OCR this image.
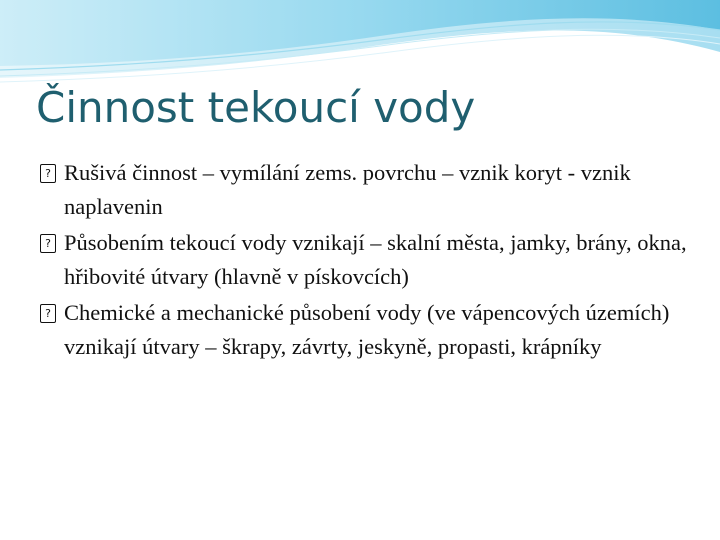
Činnost tekoucí vody
? Rušivá činnost – vymílání zems. povrchu – vznik koryt - vznik naplavenin
? Působením tekoucí vody vznikají – skalní města, jamky, brány, okna, hřibovité útvary (hlavně v pískovcích)
? Chemické a mechanické působení vody (ve vápencových územích) vznikají útvary – škrapy, závrty, jeskyně, propasti, krápníky
